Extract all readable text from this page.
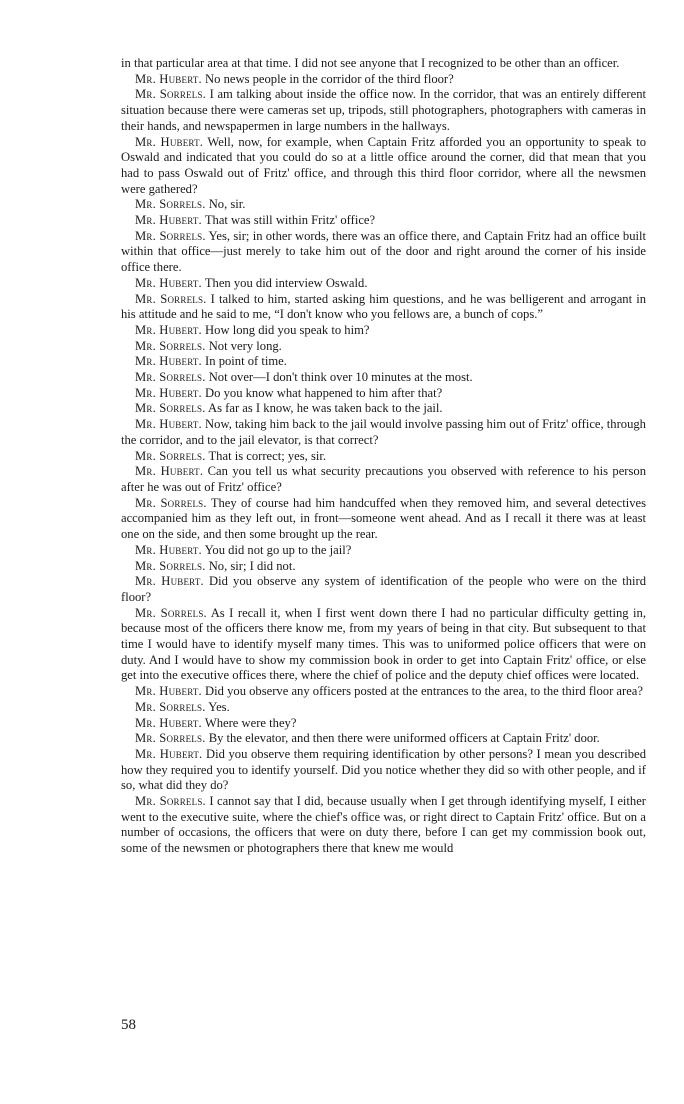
in that particular area at that time. I did not see anyone that I recognized to be other than an officer.

Mr. Hubert. No news people in the corridor of the third floor?

Mr. Sorrels. I am talking about inside the office now. In the corridor, that was an entirely different situation because there were cameras set up, tripods, still photographers, photographers with cameras in their hands, and newspapermen in large numbers in the hallways.

Mr. Hubert. Well, now, for example, when Captain Fritz afforded you an opportunity to speak to Oswald and indicated that you could do so at a little office around the corner, did that mean that you had to pass Oswald out of Fritz' office, and through this third floor corridor, where all the newsmen were gathered?

Mr. Sorrels. No, sir.

Mr. Hubert. That was still within Fritz' office?

Mr. Sorrels. Yes, sir; in other words, there was an office there, and Captain Fritz had an office built within that office—just merely to take him out of the door and right around the corner of his inside office there.

Mr. Hubert. Then you did interview Oswald.

Mr. Sorrels. I talked to him, started asking him questions, and he was belligerent and arrogant in his attitude and he said to me, “I don't know who you fellows are, a bunch of cops.”

Mr. Hubert. How long did you speak to him?

Mr. Sorrels. Not very long.

Mr. Hubert. In point of time.

Mr. Sorrels. Not over—I don't think over 10 minutes at the most.

Mr. Hubert. Do you know what happened to him after that?

Mr. Sorrels. As far as I know, he was taken back to the jail.

Mr. Hubert. Now, taking him back to the jail would involve passing him out of Fritz' office, through the corridor, and to the jail elevator, is that correct?

Mr. Sorrels. That is correct; yes, sir.

Mr. Hubert. Can you tell us what security precautions you observed with reference to his person after he was out of Fritz' office?

Mr. Sorrels. They of course had him handcuffed when they removed him, and several detectives accompanied him as they left out, in front—someone went ahead. And as I recall it there was at least one on the side, and then some brought up the rear.

Mr. Hubert. You did not go up to the jail?

Mr. Sorrels. No, sir; I did not.

Mr. Hubert. Did you observe any system of identification of the people who were on the third floor?

Mr. Sorrels. As I recall it, when I first went down there I had no particular difficulty getting in, because most of the officers there know me, from my years of being in that city. But subsequent to that time I would have to identify myself many times. This was to uniformed police officers that were on duty. And I would have to show my commission book in order to get into Captain Fritz' office, or else get into the executive offices there, where the chief of police and the deputy chief offices were located.

Mr. Hubert. Did you observe any officers posted at the entrances to the area, to the third floor area?

Mr. Sorrels. Yes.

Mr. Hubert. Where were they?

Mr. Sorrels. By the elevator, and then there were uniformed officers at Captain Fritz' door.

Mr. Hubert. Did you observe them requiring identification by other persons? I mean you described how they required you to identify yourself. Did you notice whether they did so with other people, and if so, what did they do?

Mr. Sorrels. I cannot say that I did, because usually when I get through identifying myself, I either went to the executive suite, where the chief's office was, or right direct to Captain Fritz' office. But on a number of occasions, the officers that were on duty there, before I can get my commission book out, some of the newsmen or photographers there that knew me would

58
